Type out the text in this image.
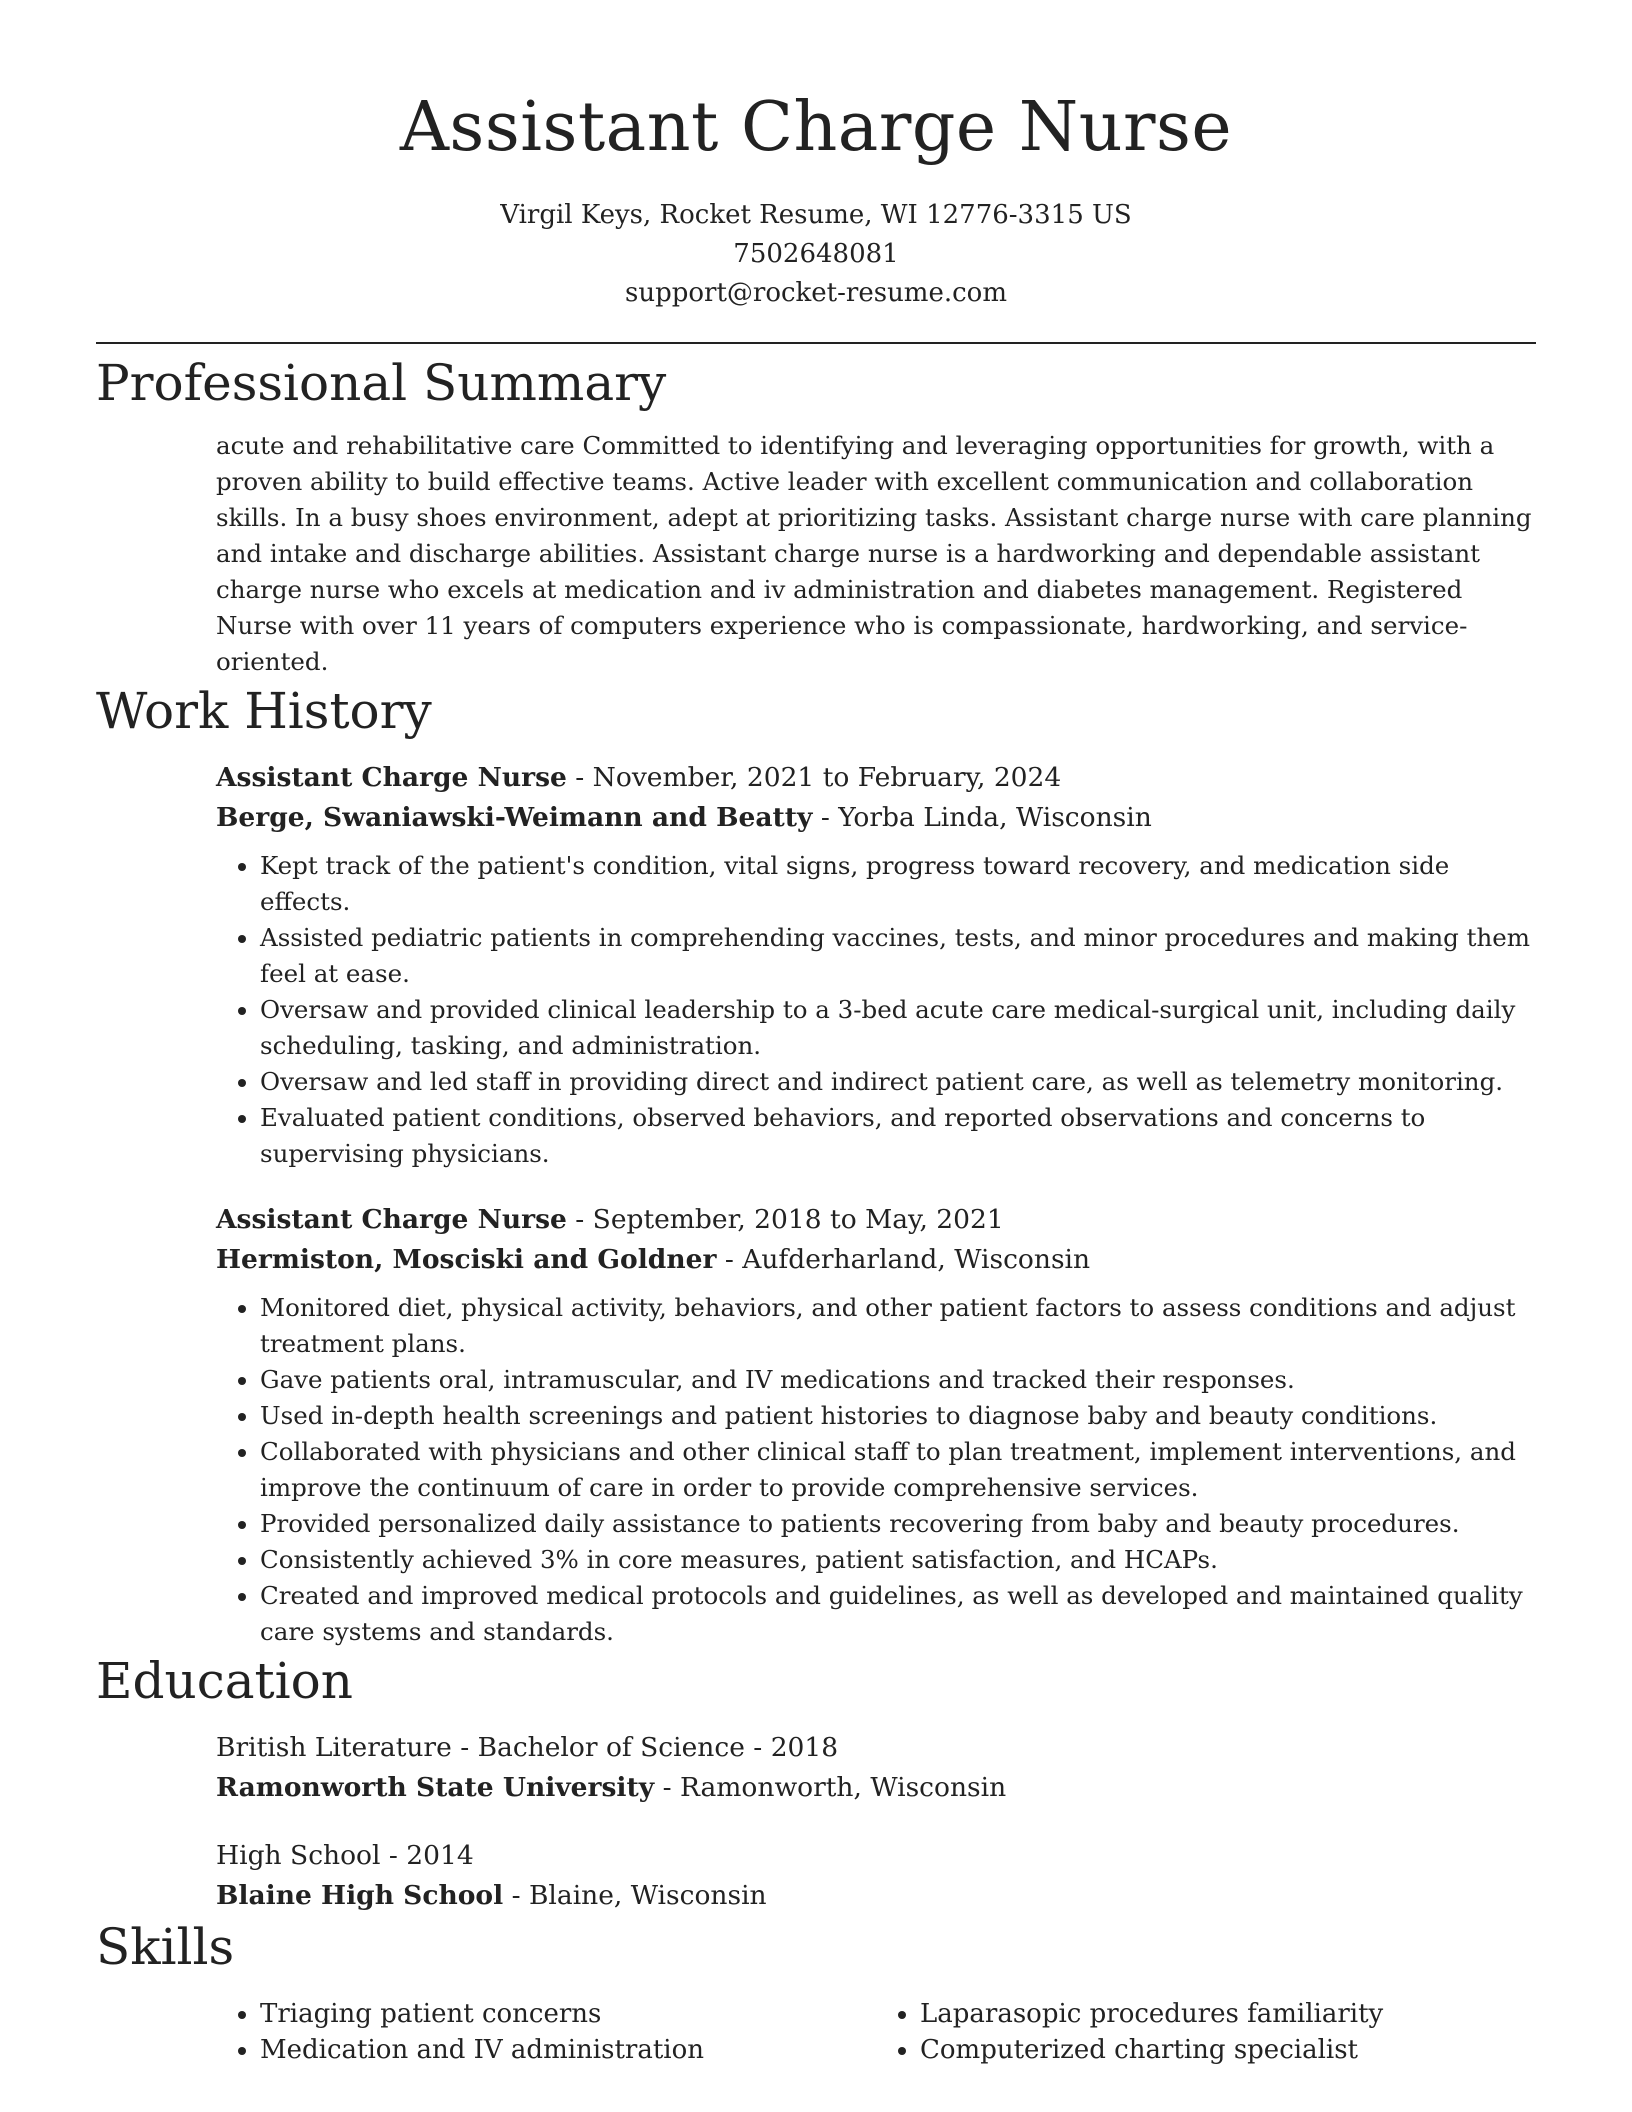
Assistant Charge Nurse
Virgil Keys, Rocket Resume, WI 12776-3315 US
7502648081
support@rocket-resume.com
Professional Summary
acute and rehabilitative care Committed to identifying and leveraging opportunities for growth, with a proven ability to build effective teams. Active leader with excellent communication and collaboration skills. In a busy shoes environment, adept at prioritizing tasks. Assistant charge nurse with care planning and intake and discharge abilities. Assistant charge nurse is a hardworking and dependable assistant charge nurse who excels at medication and iv administration and diabetes management. Registered Nurse with over 11 years of computers experience who is compassionate, hardworking, and service-oriented.
Work History
Assistant Charge Nurse - November, 2021 to February, 2024
Berge, Swaniawski-Weimann and Beatty - Yorba Linda, Wisconsin
• Kept track of the patient's condition, vital signs, progress toward recovery, and medication side effects.
• Assisted pediatric patients in comprehending vaccines, tests, and minor procedures and making them feel at ease.
• Oversaw and provided clinical leadership to a 3-bed acute care medical-surgical unit, including daily scheduling, tasking, and administration.
• Oversaw and led staff in providing direct and indirect patient care, as well as telemetry monitoring.
• Evaluated patient conditions, observed behaviors, and reported observations and concerns to supervising physicians.
Assistant Charge Nurse - September, 2018 to May, 2021
Hermiston, Mosciski and Goldner - Aufderharland, Wisconsin
• Monitored diet, physical activity, behaviors, and other patient factors to assess conditions and adjust treatment plans.
• Gave patients oral, intramuscular, and IV medications and tracked their responses.
• Used in-depth health screenings and patient histories to diagnose baby and beauty conditions.
• Collaborated with physicians and other clinical staff to plan treatment, implement interventions, and improve the continuum of care in order to provide comprehensive services.
• Provided personalized daily assistance to patients recovering from baby and beauty procedures.
• Consistently achieved 3% in core measures, patient satisfaction, and HCAPs.
• Created and improved medical protocols and guidelines, as well as developed and maintained quality care systems and standards.
Education
British Literature - Bachelor of Science - 2018
Ramonworth State University - Ramonworth, Wisconsin
High School - 2014
Blaine High School - Blaine, Wisconsin
Skills
• Triaging patient concerns
• Medication and IV administration
• Laparasopic procedures familiarity
• Computerized charting specialist
